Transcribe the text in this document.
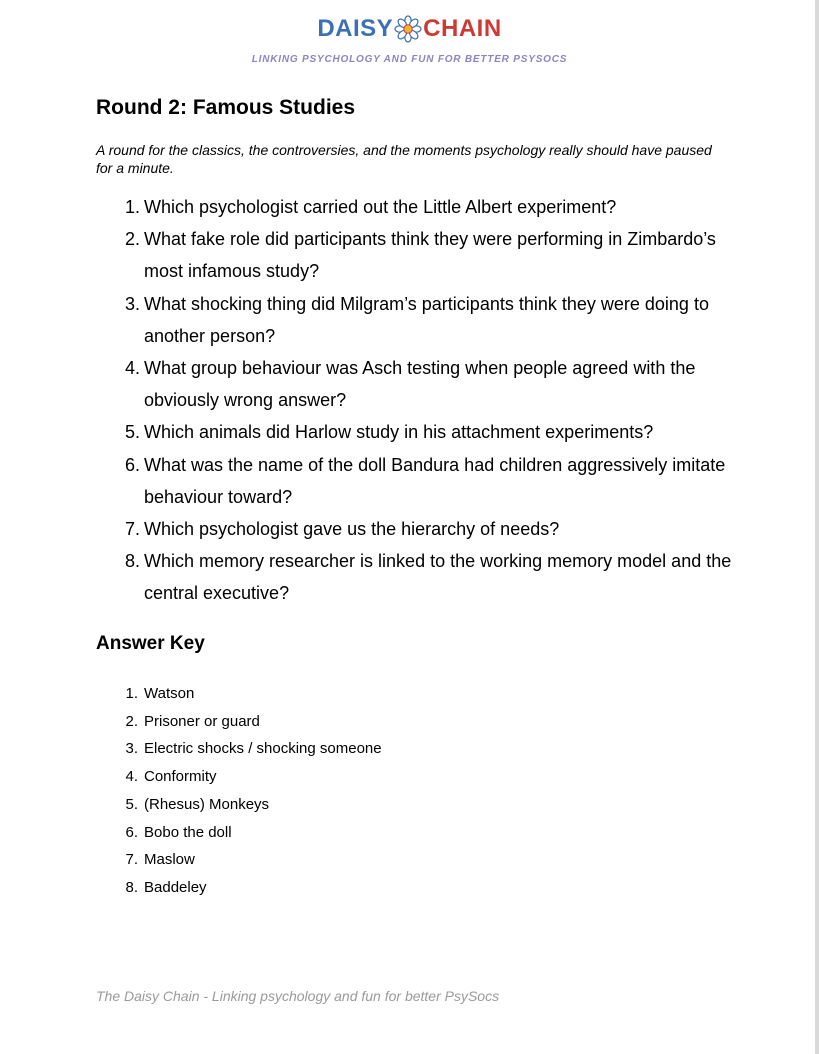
DAISY CHAIN
LINKING PSYCHOLOGY AND FUN FOR BETTER PSYSOCS
Round 2: Famous Studies

A round for the classics, the controversies, and the moments psychology really should have paused for a minute.

1. Which psychologist carried out the Little Albert experiment?
2. What fake role did participants think they were performing in Zimbardo’s most infamous study?
3. What shocking thing did Milgram’s participants think they were doing to another person?
4. What group behaviour was Asch testing when people agreed with the obviously wrong answer?
5. Which animals did Harlow study in his attachment experiments?
6. What was the name of the doll Bandura had children aggressively imitate behaviour toward?
7. Which psychologist gave us the hierarchy of needs?
8. Which memory researcher is linked to the working memory model and the central executive?
Answer Key
1. Watson
2. Prisoner or guard
3. Electric shocks / shocking someone
4. Conformity
5. (Rhesus) Monkeys
6. Bobo the doll
7. Maslow
8. Baddeley

The Daisy Chain - Linking psychology and fun for better PsySocs
